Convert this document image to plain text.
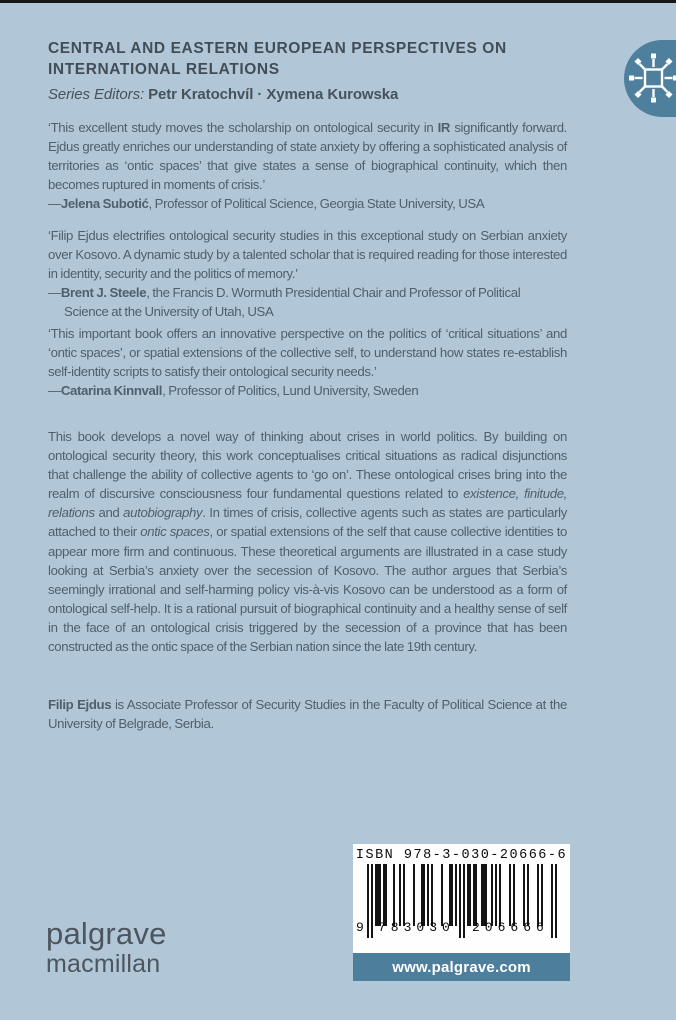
CENTRAL AND EASTERN EUROPEAN PERSPECTIVES ON
INTERNATIONAL RELATIONS
Series Editors: Petr Kratochvíl · Xymena Kurowska
‘This excellent study moves the scholarship on ontological security in IR significantly forward. Ejdus greatly enriches our understanding of state anxiety by offering a sophisticated analysis of territories as ‘ontic spaces’ that give states a sense of biographical continuity, which then becomes ruptured in moments of crisis.’
—Jelena Subotić, Professor of Political Science, Georgia State University, USA
‘Filip Ejdus electrifies ontological security studies in this exceptional study on Serbian anxiety over Kosovo. A dynamic study by a talented scholar that is required reading for those interested in identity, security and the politics of memory.’
—Brent J. Steele, the Francis D. Wormuth Presidential Chair and Professor of Political Science at the University of Utah, USA
‘This important book offers an innovative perspective on the politics of ‘critical situations’ and ‘ontic spaces’, or spatial extensions of the collective self, to understand how states re-establish self-identity scripts to satisfy their ontological security needs.’
—Catarina Kinnvall, Professor of Politics, Lund University, Sweden
This book develops a novel way of thinking about crises in world politics. By building on ontological security theory, this work conceptualises critical situations as radical disjunctions that challenge the ability of collective agents to ‘go on’. These ontological crises bring into the realm of discursive consciousness four fundamental questions related to existence, finitude, relations and autobiography. In times of crisis, collective agents such as states are particularly attached to their ontic spaces, or spatial extensions of the self that cause collective identities to appear more firm and continuous. These theoretical arguments are illustrated in a case study looking at Serbia’s anxiety over the secession of Kosovo. The author argues that Serbia’s seemingly irrational and self-harming policy vis-à-vis Kosovo can be understood as a form of ontological self-help. It is a rational pursuit of biographical continuity and a healthy sense of self in the face of an ontological crisis triggered by the secession of a province that has been constructed as the ontic space of the Serbian nation since the late 19th century.
Filip Ejdus is Associate Professor of Security Studies in the Faculty of Political Science at the University of Belgrade, Serbia.
ISBN 978-3-030-20666-6
9 783030 206666
www.palgrave.com
palgrave
macmillan
